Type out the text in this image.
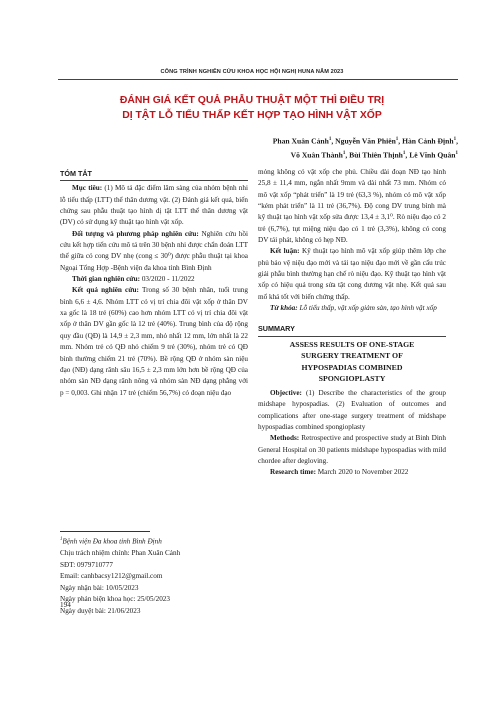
CÔNG TRÌNH NGHIÊN CỨU KHOA HỌC HỘI NGHỊ HUNA NĂM 2023
ĐÁNH GIÁ KẾT QUẢ PHẪU THUẬT MỘT THÌ ĐIỀU TRỊ
DỊ TẬT LỖ TIỂU THẤP KẾT HỢP TẠO HÌNH VẬT XỐP
Phan Xuân Cảnh$^1$, Nguyễn Văn Phiên$^1$, Hàn Cảnh Định$^1$,
Võ Xuân Thành$^1$, Bùi Thiên Thịnh$^1$, Lê Vĩnh Quân$^1$
TÓM TẮT

Mục tiêu: (1) Mô tả đặc điểm lâm sàng của nhóm bệnh nhi lỗ tiểu thấp (LTT) thể thân dương vật. (2) Đánh giá kết quả, biến chứng sau phẫu thuật tạo hình dị tật LTT thể thân dương vật (DV) có sử dụng kỹ thuật tạo hình vật xốp.

Đối tượng và phương pháp nghiên cứu: Nghiên cứu hồi cứu kết hợp tiến cứu mô tả trên 30 bệnh nhi được chẩn đoán LTT thể giữa có cong DV nhẹ (cong ≤ 30⁰) được phẫu thuật tại khoa Ngoại Tổng Hợp -Bệnh viện đa khoa tỉnh Bình Định

Thời gian nghiên cứu: 03/2020 - 11/2022

Kết quả nghiên cứu: Trong số 30 bệnh nhân, tuổi trung bình 6,6 ± 4,6. Nhóm LTT có vị trí chia đôi vật xốp ở thân DV xa gốc là 18 trẻ (60%) cao hơn nhóm LTT có vị trí chia đôi vật xốp ở thân DV gần gốc là 12 trẻ (40%). Trung bình của độ rộng quy đầu (QĐ) là 14,9 ± 2,3 mm, nhỏ nhất 12 mm, lớn nhất là 22 mm. Nhóm trẻ có QĐ nhỏ chiếm 9 trẻ (30%), nhóm trẻ có QĐ bình thường chiếm 21 trẻ (70%). Bề rộng QĐ ở nhóm sàn niệu đạo (NĐ) dạng rãnh sâu 16,5 ± 2,3 mm lớn hơn bề rộng QĐ của nhóm sàn NĐ dạng rãnh nông và nhóm sàn NĐ dạng phẳng với p = 0,003. Ghi nhận 17 trẻ (chiếm 56,7%) có đoạn niệu đạo

$^1$Bệnh viện Đa khoa tỉnh Bình Định
Chịu trách nhiệm chính: Phan Xuân Cảnh
SĐT: 0979710777
Email: canhbacsy1212@gmail.com
Ngày nhận bài: 10/05/2023
Ngày phản biện khoa học: 25/05/2023
Ngày duyệt bài: 21/06/2023
194

mỏng không có vật xốp che phủ. Chiều dài đoạn NĐ tạo hình 25,8 ± 11,4 mm, ngắn nhất 9mm và dài nhất 73 mm. Nhóm có mô vật xốp “phát triển” là 19 trẻ (63,3 %), nhóm có mô vật xốp “kém phát triển” là 11 trẻ (36,7%). Độ cong DV trung bình mà kỹ thuật tạo hình vật xốp sửa được 13,4 ± 3,1⁰. Rò niệu đạo có 2 trẻ (6,7%), tụt miệng niệu đạo có 1 trẻ (3,3%), không có cong DV tái phát, không có hẹp NĐ.

Kết luận: Kỹ thuật tạo hình mô vật xốp giúp thêm lớp che phủ bảo vệ niệu đạo mới và tái tạo niệu đạo mới về gần cấu trúc giải phẫu bình thường hạn chế rò niệu đạo. Kỹ thuật tạo hình vật xốp có hiệu quả trong sửa tật cong dương vật nhẹ. Kết quả sau mổ khá tốt với biến chứng thấp.

Từ khóa: Lỗ tiểu thấp, vật xốp giảm sàn, tạo hình vật xốp

SUMMARY
ASSESS RESULTS OF ONE-STAGE
SURGERY TREATMENT OF
HYPOSPADIAS COMBINED
SPONGIOPLASTY

Objective: (1) Describe the characteristics of the group midshape hypospadias. (2) Evaluation of outcomes and complications after one-stage surgery treatment of midshape hypospadias combined spongioplasty

Methods: Retrospective and prospective study at Binh Dinh General Hospital on 30 patients midshape hypospadias with mild chordee after degloving.

Research time: March 2020 to November 2022
